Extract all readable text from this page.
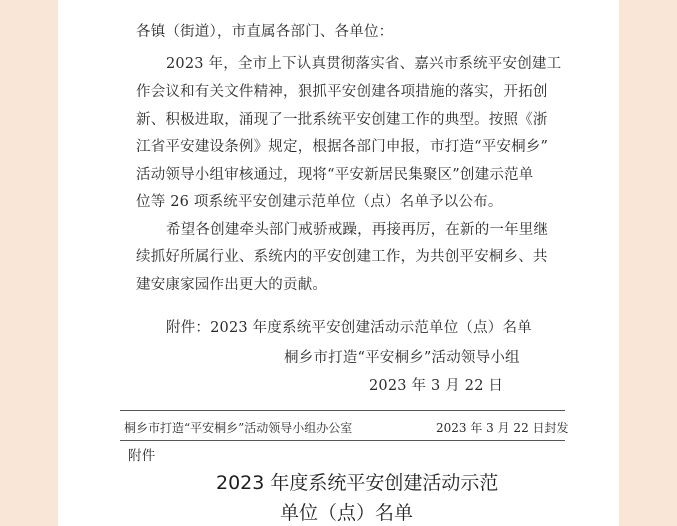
各镇（街道），市直属各部门、各单位：
2023 年，全市上下认真贯彻落实省、嘉兴市系统平安创建工
作会议和有关文件精神，狠抓平安创建各项措施的落实，开拓创
新、积极进取，涌现了一批系统平安创建工作的典型。按照《浙
江省平安建设条例》规定，根据各部门申报，市打造“平安桐乡”
活动领导小组审核通过，现将“平安新居民集聚区”创建示范单
位等 26 项系统平安创建示范单位（点）名单予以公布。
希望各创建牵头部门戒骄戒躁，再接再厉，在新的一年里继
续抓好所属行业、系统内的平安创建工作，为共创平安桐乡、共
建安康家园作出更大的贡献。
附件：2023 年度系统平安创建活动示范单位（点）名单
桐乡市打造“平安桐乡”活动领导小组
2023 年 3 月 22 日
桐乡市打造“平安桐乡”活动领导小组办公室	2023 年 3 月 22 日封发
附件
2023 年度系统平安创建活动示范
单位（点）名单
